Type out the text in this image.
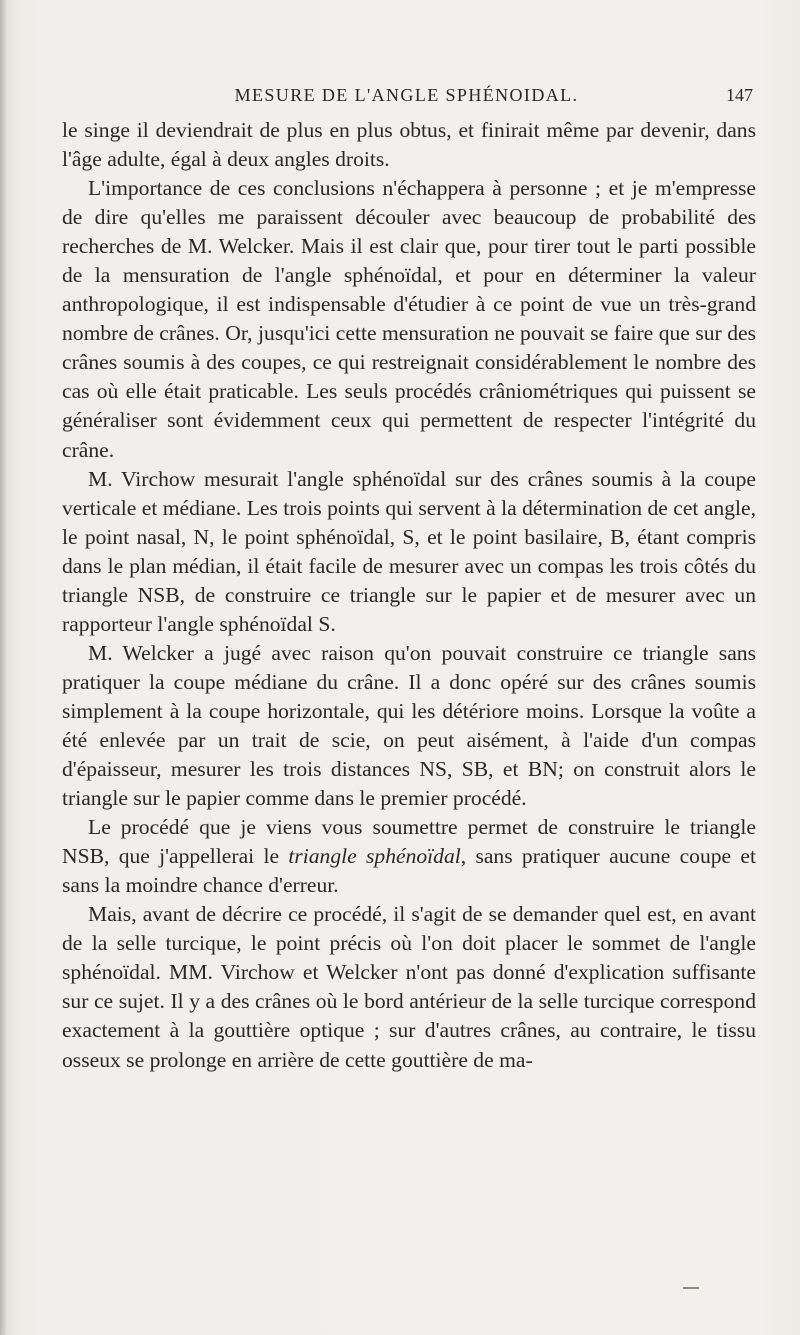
MESURE DE L'ANGLE SPHÉNOIDAL.	147

le singe il deviendrait de plus en plus obtus, et finirait même par devenir, dans l'âge adulte, égal à deux angles droits.

L'importance de ces conclusions n'échappera à personne ; et je m'empresse de dire qu'elles me paraissent découler avec beaucoup de probabilité des recherches de M. Welcker. Mais il est clair que, pour tirer tout le parti possible de la mensuration de l'angle sphénoïdal, et pour en déterminer la valeur anthropologique, il est indispensable d'étudier à ce point de vue un très-grand nombre de crânes. Or, jusqu'ici cette mensuration ne pouvait se faire que sur des crânes soumis à des coupes, ce qui restreignait considérablement le nombre des cas où elle était praticable. Les seuls procédés crâniométriques qui puissent se généraliser sont évidemment ceux qui permettent de respecter l'intégrité du crâne.

M. Virchow mesurait l'angle sphénoïdal sur des crânes soumis à la coupe verticale et médiane. Les trois points qui servent à la détermination de cet angle, le point nasal, N, le point sphénoïdal, S, et le point basilaire, B, étant compris dans le plan médian, il était facile de mesurer avec un compas les trois côtés du triangle NSB, de construire ce triangle sur le papier et de mesurer avec un rapporteur l'angle sphénoïdal S.

M. Welcker a jugé avec raison qu'on pouvait construire ce triangle sans pratiquer la coupe médiane du crâne. Il a donc opéré sur des crânes soumis simplement à la coupe horizontale, qui les détériore moins. Lorsque la voûte a été enlevée par un trait de scie, on peut aisément, à l'aide d'un compas d'épaisseur, mesurer les trois distances NS, SB, et BN; on construit alors le triangle sur le papier comme dans le premier procédé.

Le procédé que je viens vous soumettre permet de construire le triangle NSB, que j'appellerai le triangle sphénoïdal, sans pratiquer aucune coupe et sans la moindre chance d'erreur.

Mais, avant de décrire ce procédé, il s'agit de se demander quel est, en avant de la selle turcique, le point précis où l'on doit placer le sommet de l'angle sphénoïdal. MM. Virchow et Welcker n'ont pas donné d'explication suffisante sur ce sujet. Il y a des crânes où le bord antérieur de la selle turcique correspond exactement à la gouttière optique ; sur d'autres crânes, au contraire, le tissu osseux se prolonge en arrière de cette gouttière de ma-
